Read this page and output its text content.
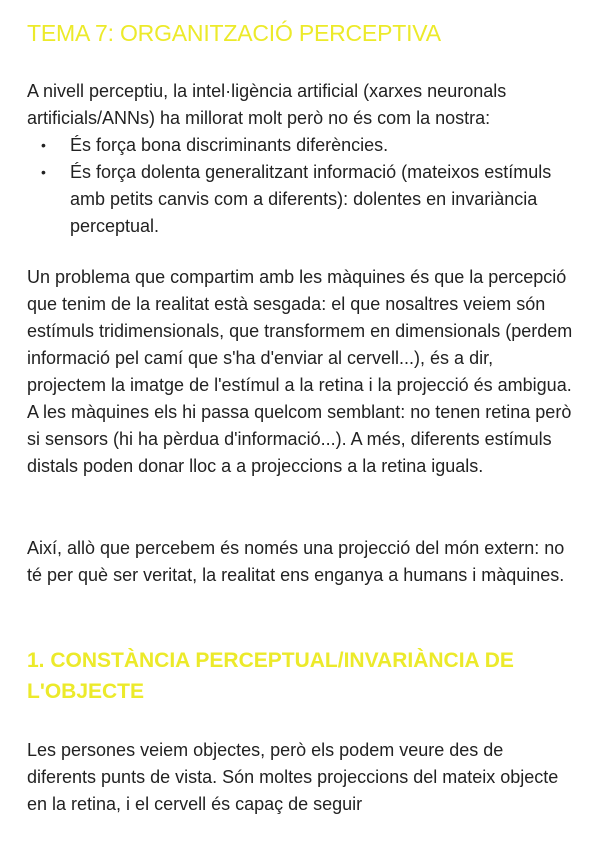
TEMA 7: ORGANITZACIÓ PERCEPTIVA

A nivell perceptiu, la intel·ligència artificial (xarxes neuronals artificials/ANNs) ha millorat molt però no és com la nostra:

• És força bona discriminants diferències.
• És força dolenta generalitzant informació (mateixos estímuls amb petits canvis com a diferents): dolentes en invariància perceptual.

Un problema que compartim amb les màquines és que la percepció que tenim de la realitat està sesgada: el que nosaltres veiem són estímuls tridimensionals, que transformem en dimensionals (perdem informació pel camí que s'ha d'enviar al cervell...), és a dir, projectem la imatge de l'estímul a la retina i la projecció és ambigua. A les màquines els hi passa quelcom semblant: no tenen retina però si sensors (hi ha pèrdua d'informació...). A més, diferents estímuls distals poden donar lloc a a projeccions a la retina iguals.

Així, allò que percebem és només una projecció del món extern: no té per què ser veritat, la realitat ens enganya a humans i màquines.

1. CONSTÀNCIA PERCEPTUAL/INVARIÀNCIA DE L'OBJECTE

Les persones veiem objectes, però els podem veure des de diferents punts de vista. Són moltes projeccions del mateix objecte en la retina, i el cervell és capaç de seguir
